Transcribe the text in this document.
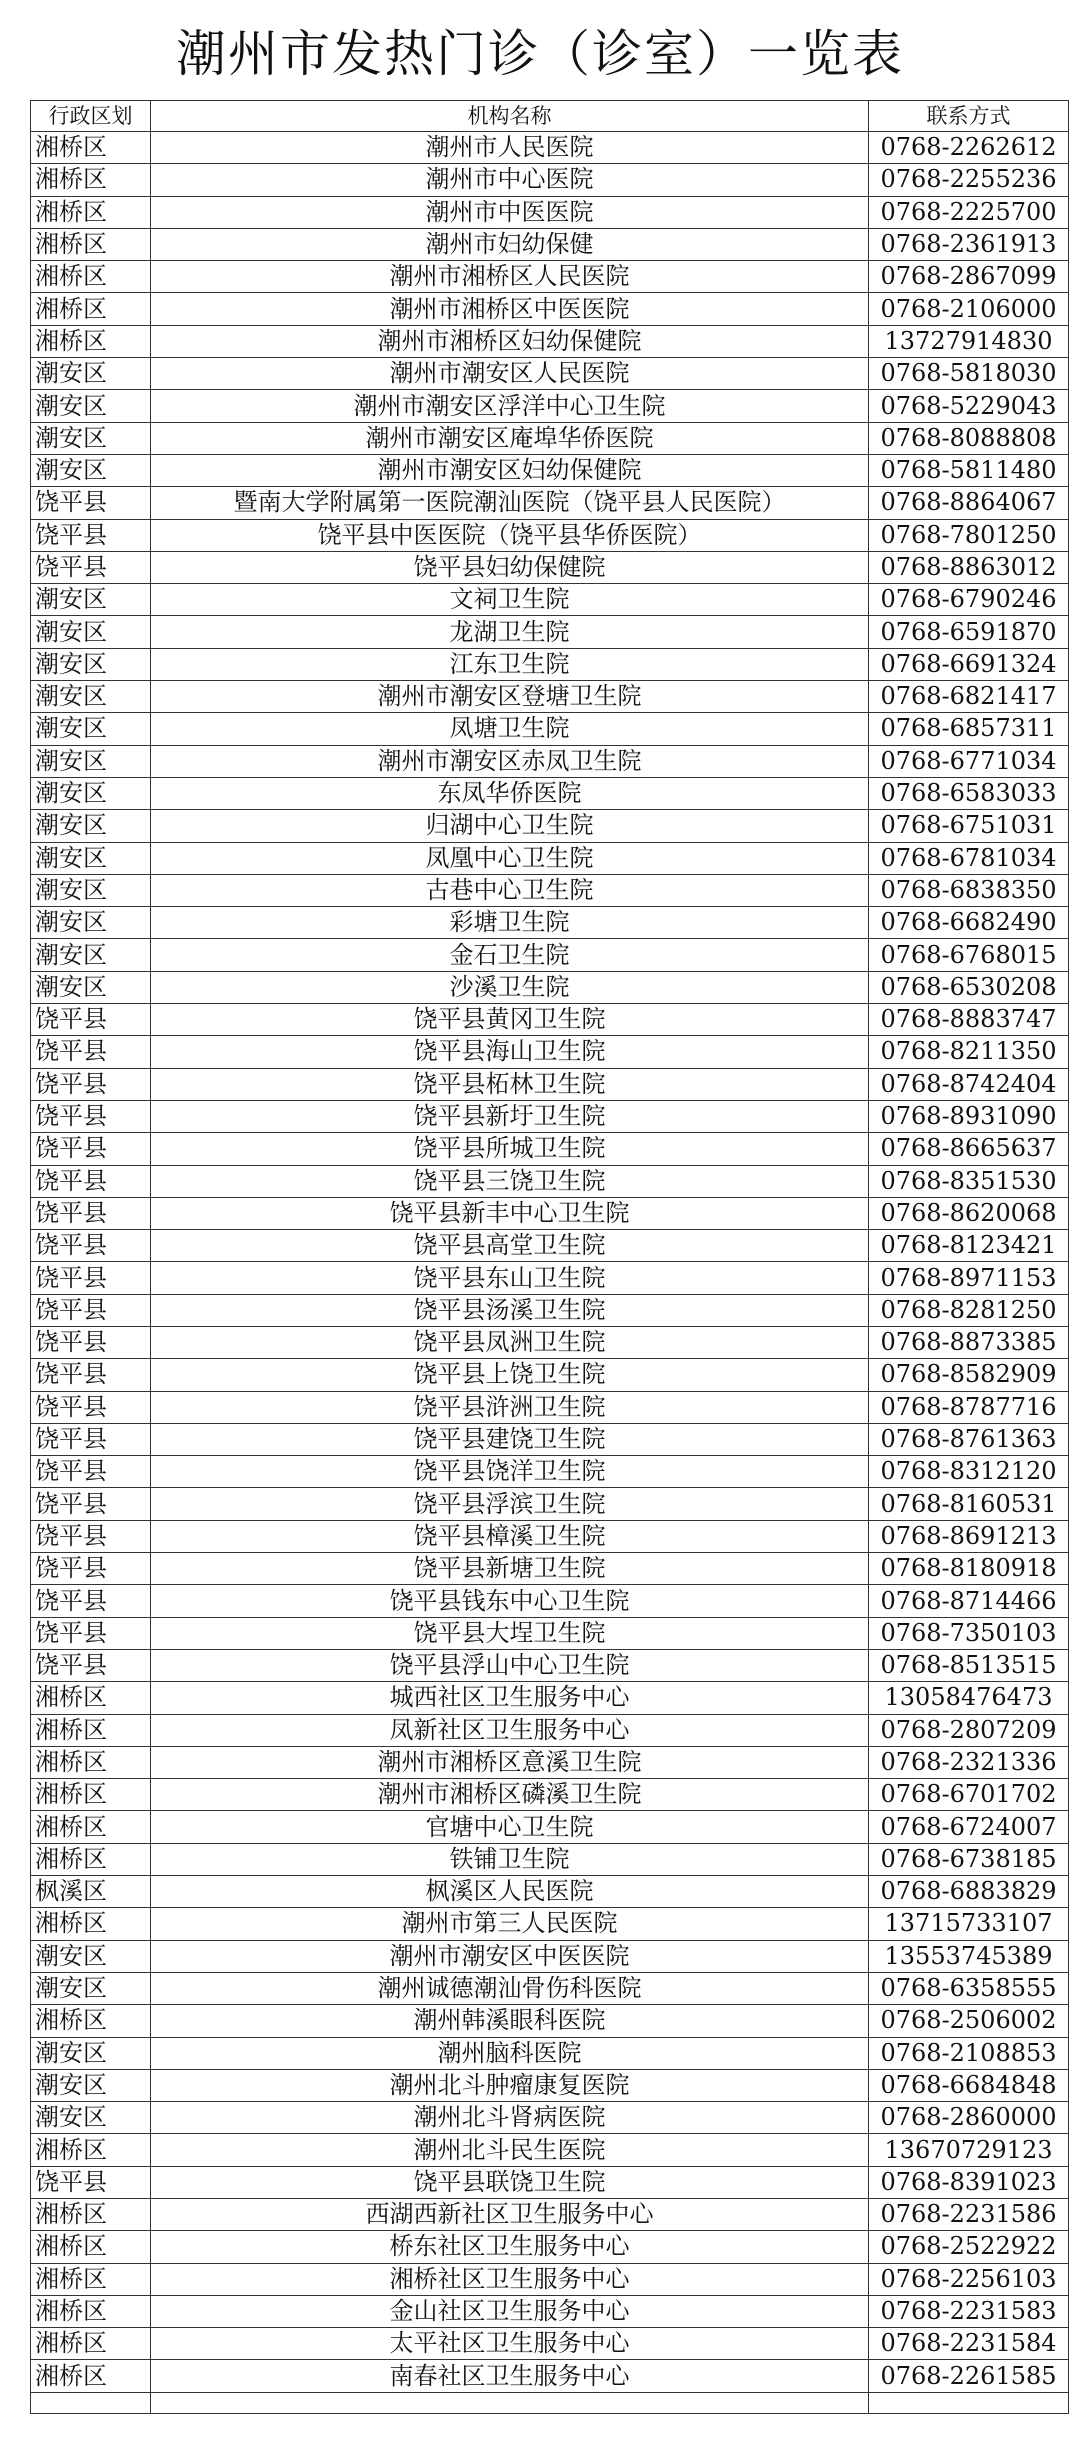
潮州市发热门诊（诊室）一览表
行政区划	机构名称	联系方式
湘桥区	潮州市人民医院	0768-2262612
湘桥区	潮州市中心医院	0768-2255236
湘桥区	潮州市中医医院	0768-2225700
湘桥区	潮州市妇幼保健	0768-2361913
湘桥区	潮州市湘桥区人民医院	0768-2867099
湘桥区	潮州市湘桥区中医医院	0768-2106000
湘桥区	潮州市湘桥区妇幼保健院	13727914830
潮安区	潮州市潮安区人民医院	0768-5818030
潮安区	潮州市潮安区浮洋中心卫生院	0768-5229043
潮安区	潮州市潮安区庵埠华侨医院	0768-8088808
潮安区	潮州市潮安区妇幼保健院	0768-5811480
饶平县	暨南大学附属第一医院潮汕医院（饶平县人民医院）	0768-8864067
饶平县	饶平县中医医院（饶平县华侨医院）	0768-7801250
饶平县	饶平县妇幼保健院	0768-8863012
潮安区	文祠卫生院	0768-6790246
潮安区	龙湖卫生院	0768-6591870
潮安区	江东卫生院	0768-6691324
潮安区	潮州市潮安区登塘卫生院	0768-6821417
潮安区	凤塘卫生院	0768-6857311
潮安区	潮州市潮安区赤凤卫生院	0768-6771034
潮安区	东凤华侨医院	0768-6583033
潮安区	归湖中心卫生院	0768-6751031
潮安区	凤凰中心卫生院	0768-6781034
潮安区	古巷中心卫生院	0768-6838350
潮安区	彩塘卫生院	0768-6682490
潮安区	金石卫生院	0768-6768015
潮安区	沙溪卫生院	0768-6530208
饶平县	饶平县黄冈卫生院	0768-8883747
饶平县	饶平县海山卫生院	0768-8211350
饶平县	饶平县柘林卫生院	0768-8742404
饶平县	饶平县新圩卫生院	0768-8931090
饶平县	饶平县所城卫生院	0768-8665637
饶平县	饶平县三饶卫生院	0768-8351530
饶平县	饶平县新丰中心卫生院	0768-8620068
饶平县	饶平县高堂卫生院	0768-8123421
饶平县	饶平县东山卫生院	0768-8971153
饶平县	饶平县汤溪卫生院	0768-8281250
饶平县	饶平县凤洲卫生院	0768-8873385
饶平县	饶平县上饶卫生院	0768-8582909
饶平县	饶平县浒洲卫生院	0768-8787716
饶平县	饶平县建饶卫生院	0768-8761363
饶平县	饶平县饶洋卫生院	0768-8312120
饶平县	饶平县浮滨卫生院	0768-8160531
饶平县	饶平县樟溪卫生院	0768-8691213
饶平县	饶平县新塘卫生院	0768-8180918
饶平县	饶平县钱东中心卫生院	0768-8714466
饶平县	饶平县大埕卫生院	0768-7350103
饶平县	饶平县浮山中心卫生院	0768-8513515
湘桥区	城西社区卫生服务中心	13058476473
湘桥区	凤新社区卫生服务中心	0768-2807209
湘桥区	潮州市湘桥区意溪卫生院	0768-2321336
湘桥区	潮州市湘桥区磷溪卫生院	0768-6701702
湘桥区	官塘中心卫生院	0768-6724007
湘桥区	铁铺卫生院	0768-6738185
枫溪区	枫溪区人民医院	0768-6883829
湘桥区	潮州市第三人民医院	13715733107
潮安区	潮州市潮安区中医医院	13553745389
潮安区	潮州诚德潮汕骨伤科医院	0768-6358555
湘桥区	潮州韩溪眼科医院	0768-2506002
潮安区	潮州脑科医院	0768-2108853
潮安区	潮州北斗肿瘤康复医院	0768-6684848
潮安区	潮州北斗肾病医院	0768-2860000
湘桥区	潮州北斗民生医院	13670729123
饶平县	饶平县联饶卫生院	0768-8391023
湘桥区	西湖西新社区卫生服务中心	0768-2231586
湘桥区	桥东社区卫生服务中心	0768-2522922
湘桥区	湘桥社区卫生服务中心	0768-2256103
湘桥区	金山社区卫生服务中心	0768-2231583
湘桥区	太平社区卫生服务中心	0768-2231584
湘桥区	南春社区卫生服务中心	0768-2261585
